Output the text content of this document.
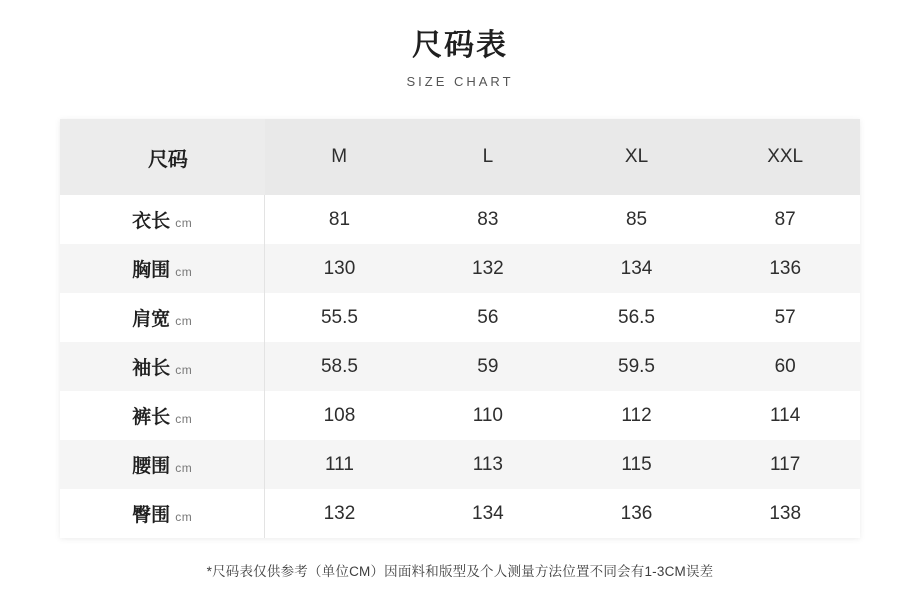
尺码表
SIZE CHART
尺码	M	L	XL	XXL
衣长 cm	81	83	85	87
胸围 cm	130	132	134	136
肩宽 cm	55.5	56	56.5	57
袖长 cm	58.5	59	59.5	60
裤长 cm	108	110	112	114
腰围 cm	111	113	115	117
臀围 cm	132	134	136	138
*尺码表仅供参考（单位CM）因面料和版型及个人测量方法位置不同会有1-3CM误差
